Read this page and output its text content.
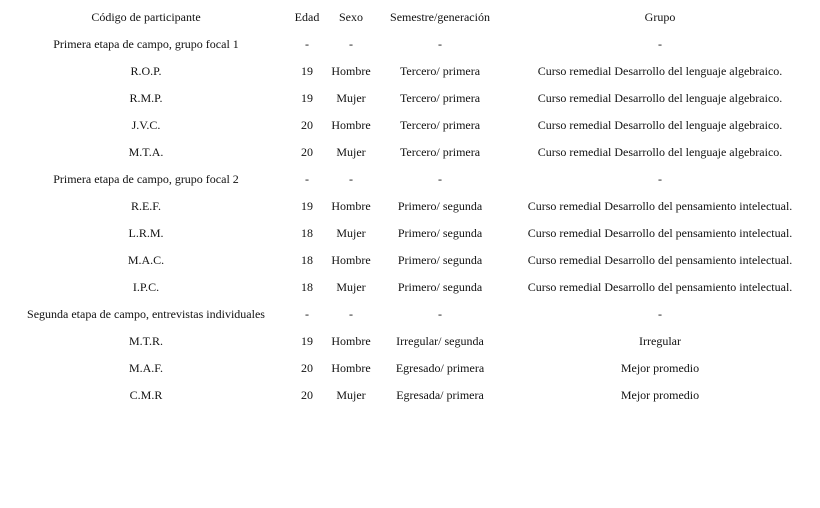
Código de participante	Edad	Sexo	Semestre/generación	Grupo
Primera etapa de campo, grupo focal 1	-	-	-	-
R.O.P.	19	Hombre	Tercero/ primera	Curso remedial Desarrollo del lenguaje algebraico.
R.M.P.	19	Mujer	Tercero/ primera	Curso remedial Desarrollo del lenguaje algebraico.
J.V.C.	20	Hombre	Tercero/ primera	Curso remedial Desarrollo del lenguaje algebraico.
M.T.A.	20	Mujer	Tercero/ primera	Curso remedial Desarrollo del lenguaje algebraico.
Primera etapa de campo, grupo focal 2	-	-	-	-
R.E.F.	19	Hombre	Primero/ segunda	Curso remedial Desarrollo del pensamiento intelectual.
L.R.M.	18	Mujer	Primero/ segunda	Curso remedial Desarrollo del pensamiento intelectual.
M.A.C.	18	Hombre	Primero/ segunda	Curso remedial Desarrollo del pensamiento intelectual.
I.P.C.	18	Mujer	Primero/ segunda	Curso remedial Desarrollo del pensamiento intelectual.
Segunda etapa de campo, entrevistas individuales	-	-	-	-
M.T.R.	19	Hombre	Irregular/ segunda	Irregular
M.A.F.	20	Hombre	Egresado/ primera	Mejor promedio
C.M.R	20	Mujer	Egresada/ primera	Mejor promedio
